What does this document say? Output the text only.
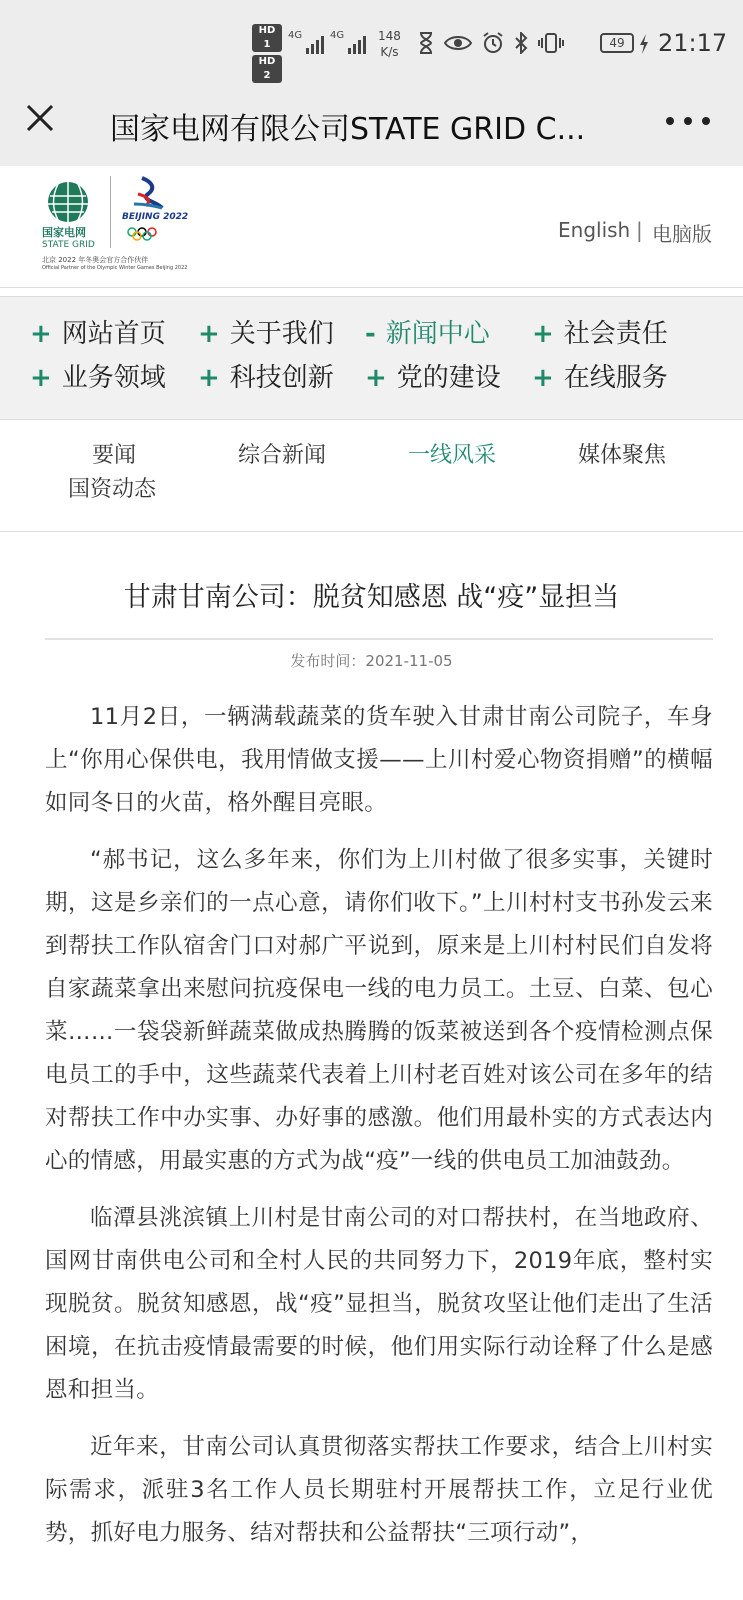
HD 1
HD 2
4G	4G	148
K/s
49	21:17
国家电网有限公司STATE GRID C...
国家电网
STATE GRID
BEIJING 2022
北京 2022 年冬奥会官方合作伙伴
Official Partner of the Olympic Winter Games Beijing 2022
English | 电脑版
+ 网站首页 + 关于我们 - 新闻中心 + 社会责任
+ 业务领域 + 科技创新 + 党的建设 + 在线服务
要闻	综合新闻	一线风采	媒体聚焦
国资动态
甘肃甘南公司：脱贫知感恩 战“疫”显担当
发布时间：2021-11-05

11月2日，一辆满载蔬菜的货车驶入甘肃甘南公司院子，车身上“你用心保供电，我用情做支援——上川村爱心物资捐赠”的横幅如同冬日的火苗，格外醒目亮眼。

“郝书记，这么多年来，你们为上川村做了很多实事，关键时期，这是乡亲们的一点心意，请你们收下。”上川村村支书孙发云来到帮扶工作队宿舍门口对郝广平说到，原来是上川村村民们自发将自家蔬菜拿出来慰问抗疫保电一线的电力员工。土豆、白菜、包心菜……一袋袋新鲜蔬菜做成热腾腾的饭菜被送到各个疫情检测点保电员工的手中，这些蔬菜代表着上川村老百姓对该公司在多年的结对帮扶工作中办实事、办好事的感激。他们用最朴实的方式表达内心的情感，用最实惠的方式为战“疫”一线的供电员工加油鼓劲。

临潭县洮滨镇上川村是甘南公司的对口帮扶村，在当地政府、国网甘南供电公司和全村人民的共同努力下，2019年底，整村实现脱贫。脱贫知感恩，战“疫”显担当，脱贫攻坚让他们走出了生活困境，在抗击疫情最需要的时候，他们用实际行动诠释了什么是感恩和担当。

近年来，甘南公司认真贯彻落实帮扶工作要求，结合上川村实际需求，派驻3名工作人员长期驻村开展帮扶工作，立足行业优势，抓好电力服务、结对帮扶和公益帮扶“三项行动”，
